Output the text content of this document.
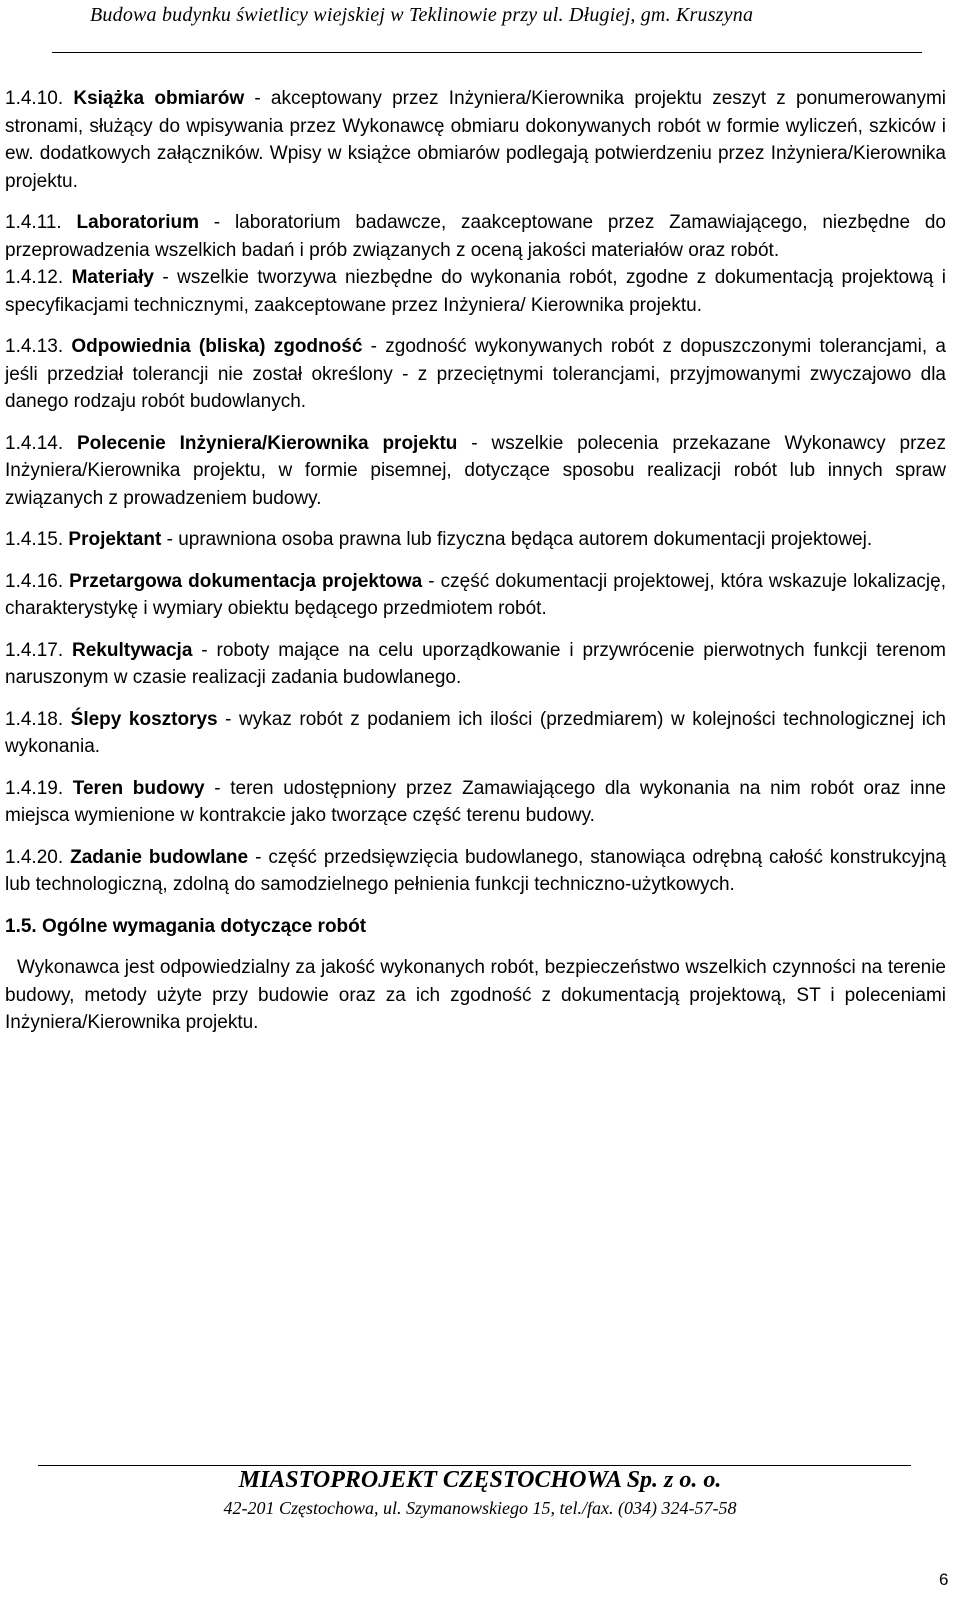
Budowa budynku świetlicy wiejskiej w Teklinowie przy ul. Długiej, gm. Kruszyna

1.4.10. Książka obmiarów - akceptowany przez Inżyniera/Kierownika projektu zeszyt z ponumerowanymi stronami, służący do wpisywania przez Wykonawcę obmiaru dokonywanych robót w formie wyliczeń, szkiców i ew. dodatkowych załączników. Wpisy w książce obmiarów podlegają potwierdzeniu przez Inżyniera/Kierownika projektu.

1.4.11. Laboratorium - laboratorium badawcze, zaakceptowane przez Zamawiającego, niezbędne do przeprowadzenia wszelkich badań i prób związanych z oceną jakości materiałów oraz robót.

1.4.12. Materiały - wszelkie tworzywa niezbędne do wykonania robót, zgodne z dokumentacją projektową i specyfikacjami technicznymi, zaakceptowane przez Inżyniera/ Kierownika projektu.

1.4.13. Odpowiednia (bliska) zgodność - zgodność wykonywanych robót z dopuszczonymi tolerancjami, a jeśli przedział tolerancji nie został określony - z przeciętnymi tolerancjami, przyjmowanymi zwyczajowo dla danego rodzaju robót budowlanych.

1.4.14. Polecenie Inżyniera/Kierownika projektu - wszelkie polecenia przekazane Wykonawcy przez Inżyniera/Kierownika projektu, w formie pisemnej, dotyczące sposobu realizacji robót lub innych spraw związanych z prowadzeniem budowy.

1.4.15. Projektant - uprawniona osoba prawna lub fizyczna będąca autorem dokumentacji projektowej.

1.4.16. Przetargowa dokumentacja projektowa - część dokumentacji projektowej, która wskazuje lokalizację, charakterystykę i wymiary obiektu będącego przedmiotem robót.

1.4.17. Rekultywacja - roboty mające na celu uporządkowanie i przywrócenie pierwotnych funkcji terenom naruszonym w czasie realizacji zadania budowlanego.

1.4.18. Ślepy kosztorys - wykaz robót z podaniem ich ilości (przedmiarem) w kolejności technologicznej ich wykonania.

1.4.19. Teren budowy - teren udostępniony przez Zamawiającego dla wykonania na nim robót oraz inne miejsca wymienione w kontrakcie jako tworzące część terenu budowy.

1.4.20. Zadanie budowlane - część przedsięwzięcia budowlanego, stanowiąca odrębną całość konstrukcyjną lub technologiczną, zdolną do samodzielnego pełnienia funkcji techniczno-użytkowych.

1.5. Ogólne wymagania dotyczące robót

Wykonawca jest odpowiedzialny za jakość wykonanych robót, bezpieczeństwo wszelkich czynności na terenie budowy, metody użyte przy budowie oraz za ich zgodność z dokumentacją projektową, ST i poleceniami Inżyniera/Kierownika projektu.

MIASTOPROJEKT CZĘSTOCHOWA Sp. z o. o.
42-201 Częstochowa, ul. Szymanowskiego 15, tel./fax. (034) 324-57-58
6
